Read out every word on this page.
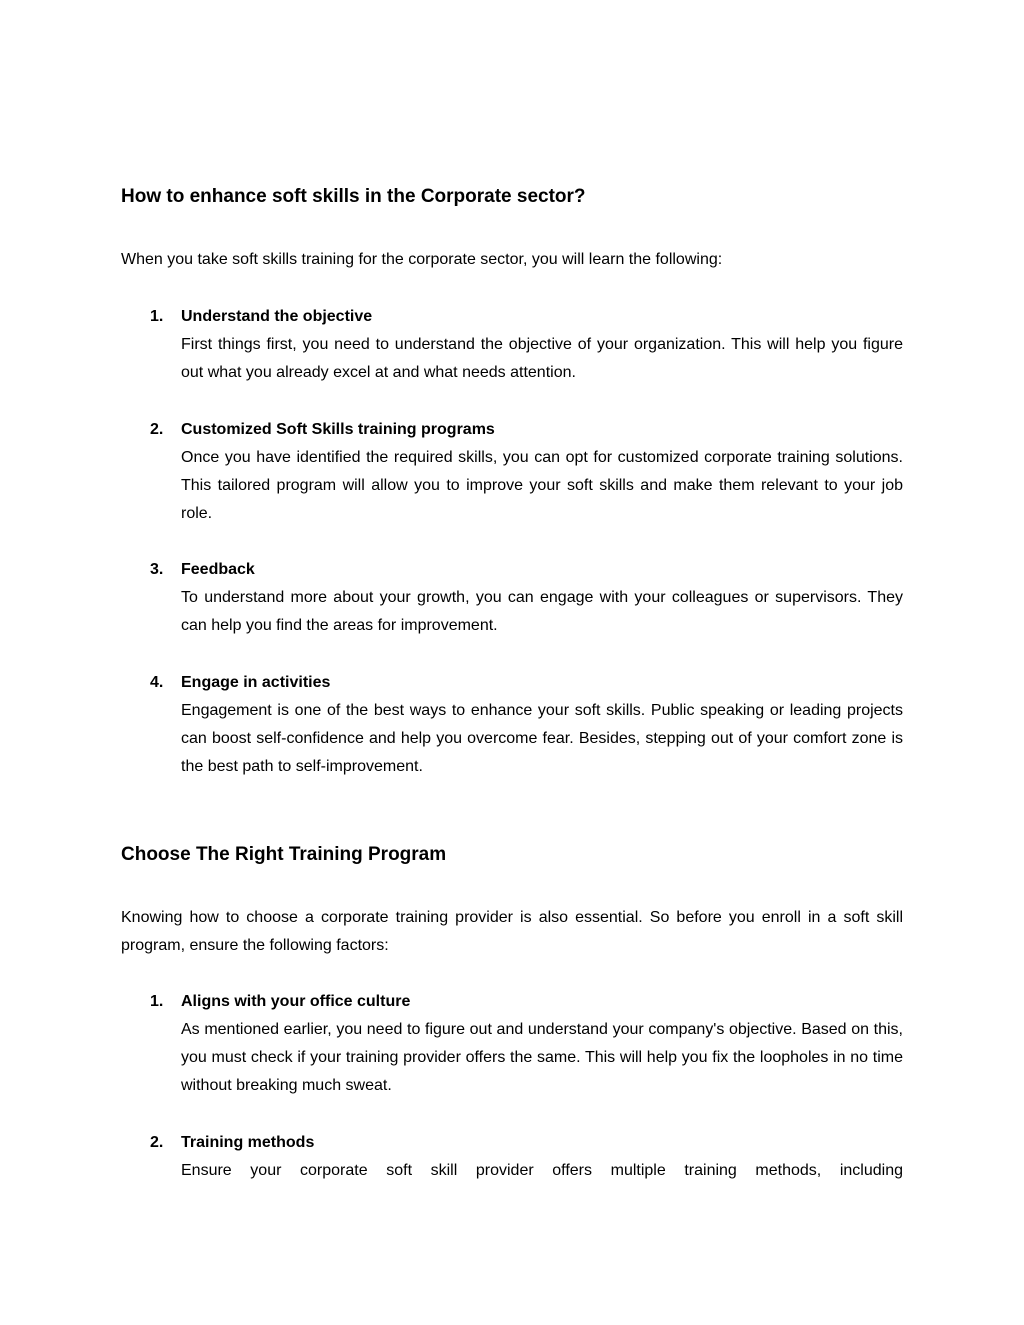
How to enhance soft skills in the Corporate sector?

When you take soft skills training for the corporate sector, you will learn the following:

1. Understand the objective

First things first, you need to understand the objective of your organization. This will help you figure out what you already excel at and what needs attention.

2. Customized Soft Skills training programs

Once you have identified the required skills, you can opt for customized corporate training solutions. This tailored program will allow you to improve your soft skills and make them relevant to your job role.

3. Feedback

To understand more about your growth, you can engage with your colleagues or supervisors. They can help you find the areas for improvement.

4. Engage in activities

Engagement is one of the best ways to enhance your soft skills. Public speaking or leading projects can boost self-confidence and help you overcome fear. Besides, stepping out of your comfort zone is the best path to self-improvement.

Choose The Right Training Program

Knowing how to choose a corporate training provider is also essential. So before you enroll in a soft skill program, ensure the following factors:

1. Aligns with your office culture

As mentioned earlier, you need to figure out and understand your company's objective. Based on this, you must check if your training provider offers the same. This will help you fix the loopholes in no time without breaking much sweat.

2. Training methods

Ensure your corporate soft skill provider offers multiple training methods, including
